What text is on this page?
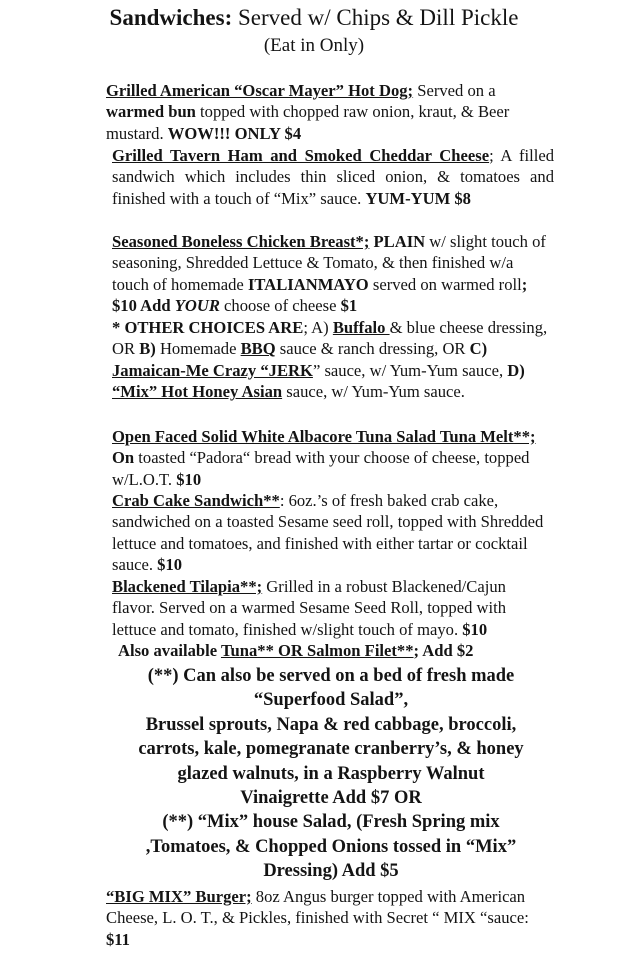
Sandwiches: Served w/ Chips & Dill Pickle
(Eat in Only)
Grilled American “Oscar Mayer” Hot Dog; Served on a warmed bun topped with chopped raw onion, kraut, & Beer mustard. WOW!!! ONLY $4
Grilled Tavern Ham and Smoked Cheddar Cheese; A filled sandwich which includes thin sliced onion, & tomatoes and finished with a touch of “Mix” sauce. YUM-YUM $8
Seasoned Boneless Chicken Breast*; PLAIN w/ slight touch of seasoning, Shredded Lettuce & Tomato, & then finished w/a touch of homemade ITALIANMAYO served on warmed roll; $10 Add YOUR choose of cheese $1
* OTHER CHOICES ARE; A) Buffalo & blue cheese dressing, OR B) Homemade BBQ sauce & ranch dressing, OR C) Jamaican-Me Crazy “JERK” sauce, w/ Yum-Yum sauce, D) “Mix” Hot Honey Asian sauce, w/ Yum-Yum sauce.
Open Faced Solid White Albacore Tuna Salad Tuna Melt**; On toasted “Padora“ bread with your choose of cheese, topped w/L.O.T. $10
Crab Cake Sandwich**: 6oz.’s of fresh baked crab cake, sandwiched on a toasted Sesame seed roll, topped with Shredded lettuce and tomatoes, and finished with either tartar or cocktail sauce. $10
Blackened Tilapia**; Grilled in a robust Blackened/Cajun flavor. Served on a warmed Sesame Seed Roll, topped with lettuce and tomato, finished w/slight touch of mayo. $10
Also available Tuna** OR Salmon Filet**; Add $2
(**) Can also be served on a bed of fresh made
“Superfood Salad”,
Brussel sprouts, Napa & red cabbage, broccoli,
carrots, kale, pomegranate cranberry’s, & honey
glazed walnuts, in a Raspberry Walnut
Vinaigrette Add $7 OR
(**) “Mix” house Salad, (Fresh Spring mix
,Tomatoes, & Chopped Onions tossed in “Mix”
Dressing) Add $5
“BIG MIX” Burger; 8oz Angus burger topped with American Cheese, L. O. T., & Pickles, finished with Secret “ MIX “sauce: $11
